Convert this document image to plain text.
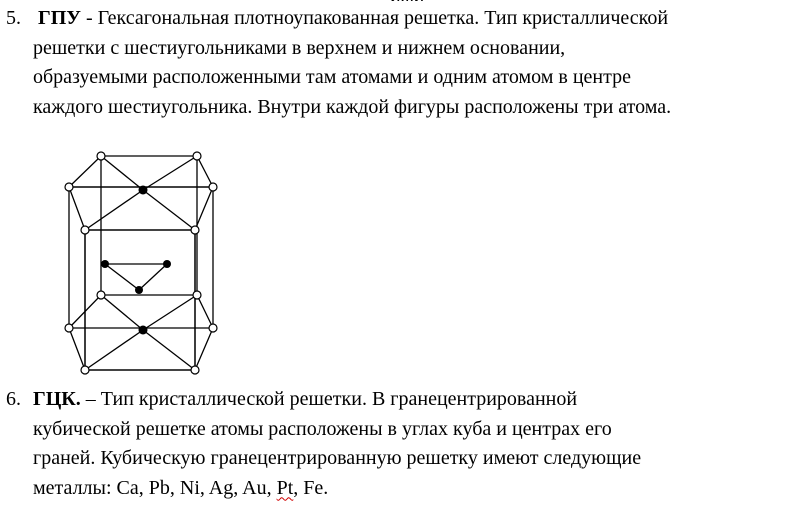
5. ГПУ - Гексагональная плотноупакованная решетка. Тип кристаллической
решетки с шестиугольниками в верхнем и нижнем основании,
образуемыми расположенными там атомами и одним атомом в центре
каждого шестиугольника. Внутри каждой фигуры расположены три атома.
6. ГЦК. – Тип кристаллической решетки. В гранецентрированной
кубической решетке атомы расположены в углах куба и центрах его
граней. Кубическую гранецентрированную решетку имеют следующие
металлы: Ca, Pb, Ni, Ag, Au, Pt, Fe.
